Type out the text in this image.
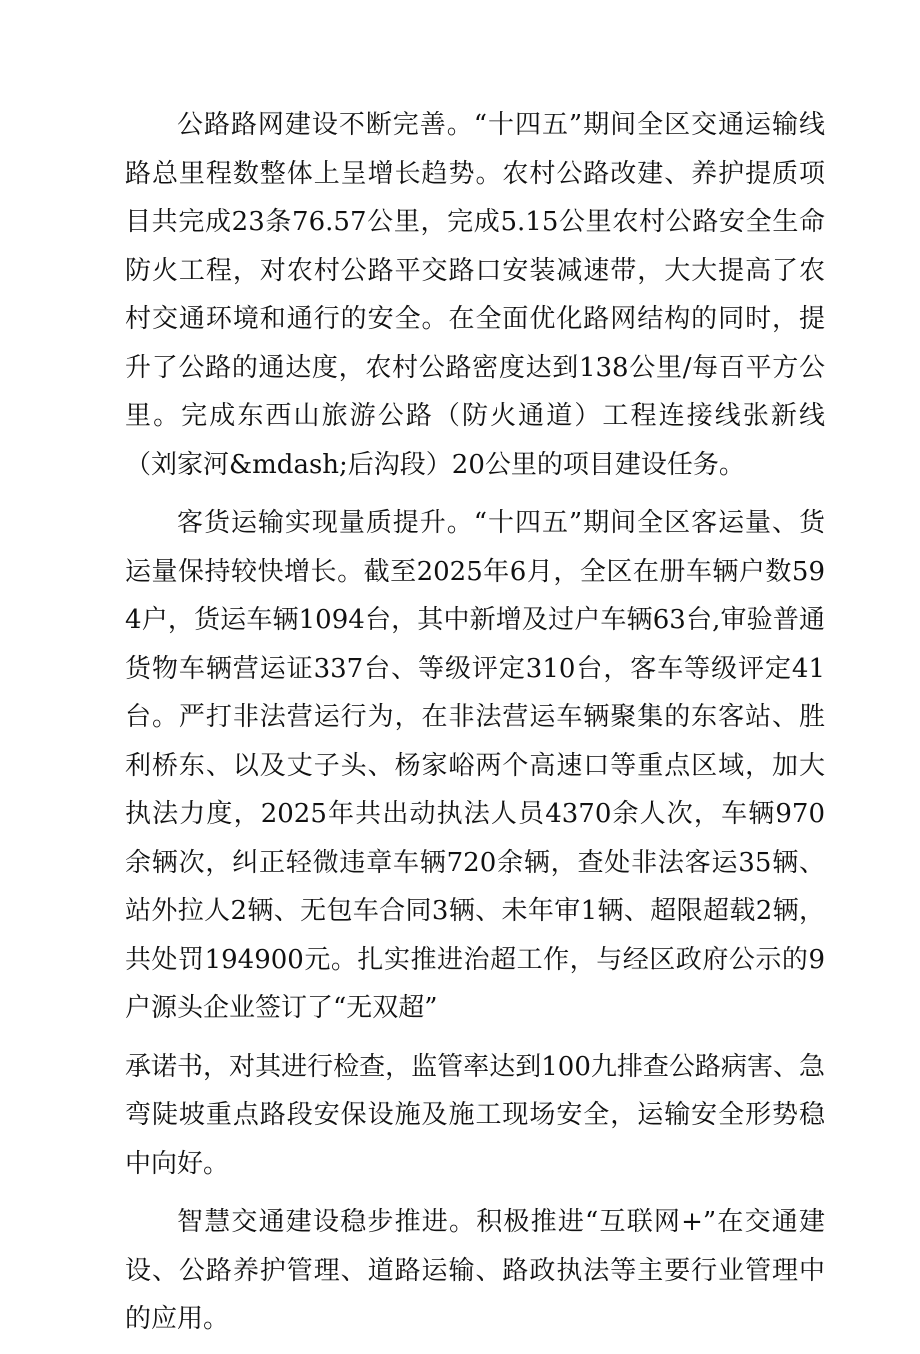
公路路网建设不断完善。“十四五”期间全区交通运输线路总里程数整体上呈增长趋势。农村公路改建、养护提质项目共完成23条76.57公里，完成5.15公里农村公路安全生命防火工程，对农村公路平交路口安装减速带，大大提高了农村交通环境和通行的安全。在全面优化路网结构的同时，提升了公路的通达度，农村公路密度达到138公里/每百平方公里。完成东西山旅游公路（防火通道）工程连接线张新线（刘家河&mdash;后沟段）20公里的项目建设任务。

客货运输实现量质提升。“十四五”期间全区客运量、货运量保持较快增长。截至2025年6月，全区在册车辆户数594户，货运车辆1094台，其中新增及过户车辆63台,审验普通货物车辆营运证337台、等级评定310台，客车等级评定41台。严打非法营运行为，在非法营运车辆聚集的东客站、胜利桥东、以及丈子头、杨家峪两个高速口等重点区域，加大执法力度，2025年共出动执法人员4370余人次，车辆970余辆次，纠正轻微违章车辆720余辆，查处非法客运35辆、站外拉人2辆、无包车合同3辆、未年审1辆、超限超载2辆，共处罚194900元。扎实推进治超工作，与经区政府公示的9户源头企业签订了“无双超”

承诺书，对其进行检查，监管率达到100九排查公路病害、急弯陡坡重点路段安保设施及施工现场安全，运输安全形势稳中向好。

智慧交通建设稳步推进。积极推进“互联网+”在交通建设、公路养护管理、道路运输、路政执法等主要行业管理中的应用。
